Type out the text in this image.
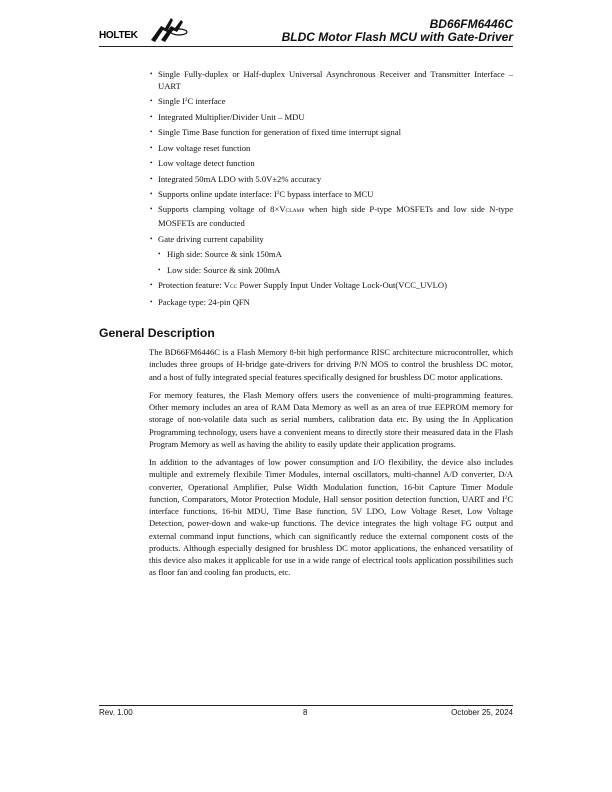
HOLTEK
BD66FM6446C
BLDC Motor Flash MCU with Gate-Driver
• Single Fully-duplex or Half-duplex Universal Asynchronous Receiver and Transmitter Interface – UART
• Single $I^2C$ interface
• Integrated Multiplier/Divider Unit – MDU
• Single Time Base function for generation of fixed time interrupt signal
• Low voltage reset function
• Low voltage detect function
• Integrated 50mA LDO with 5.0V±2% accuracy
• Supports online update interface: $I^2C$ bypass interface to MCU
• Supports clamping voltage of 8×VCLAMP when high side P-type MOSFETs and low side N-type MOSFETs are conducted
• Gate driving current capability
• High side: Source & sink 150mA
• Low side: Source & sink 200mA
• Protection feature: VCC Power Supply Input Under Voltage Lock-Out(VCC_UVLO)
• Package type: 24-pin QFN
General Description

The BD66FM6446C is a Flash Memory 8-bit high performance RISC architecture microcontroller, which includes three groups of H-bridge gate-drivers for driving P/N MOS to control the brushless DC motor, and a host of fully integrated special features specifically designed for brushless DC motor applications.

For memory features, the Flash Memory offers users the convenience of multi-programming features. Other memory includes an area of RAM Data Memory as well as an area of true EEPROM memory for storage of non-volatile data such as serial numbers, calibration data etc. By using the In Application Programming technology, users have a convenient means to directly store their measured data in the Flash Program Memory as well as having the ability to easily update their application programs.

In addition to the advantages of low power consumption and I/O flexibility, the device also includes multiple and extremely flexibile Timer Modules, internal oscillators, multi-channel A/D converter, D/A converter, Operational Amplifier, Pulse Width Modulation function, 16-bit Capture Timer Module function, Comparators, Motor Protection Module, Hall sensor position detection function, UART and $I^2C$ interface functions, 16-bit MDU, Time Base function, 5V LDO, Low Voltage Reset, Low Voltage Detection, power-down and wake-up functions. The device integrates the high voltage FG output and external command input functions, which can significantly reduce the external component costs of the products. Although especially designed for brushless DC motor applications, the enhanced versatility of this device also makes it applicable for use in a wide range of electrical tools application possibilities such as floor fan and cooling fan products, etc.

Rev. 1.00	8	October 25, 2024
